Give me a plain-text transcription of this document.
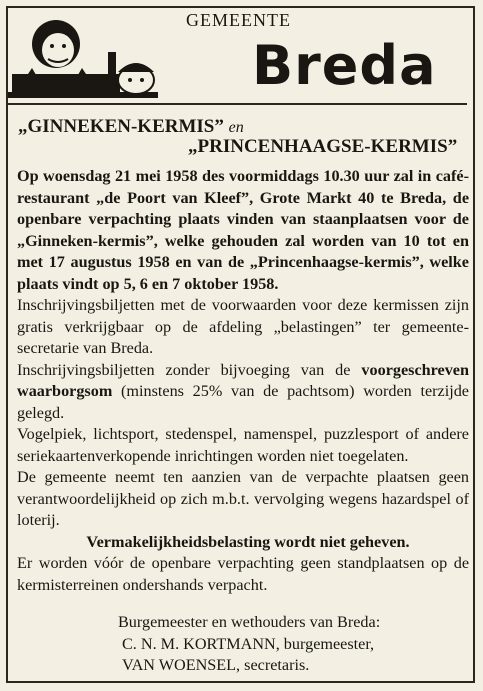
GEMEENTE
Breda
„GINNEKEN-KERMIS” en
„PRINCENHAAGSE-KERMIS”

Op woensdag 21 mei 1958 des voormiddags 10.30 uur zal in café-restaurant „de Poort van Kleef”, Grote Markt 40 te Breda, de openbare verpachting plaats vinden van staanplaatsen voor de „Ginneken-kermis”, welke gehouden zal worden van 10 tot en met 17 augustus 1958 en van de „Princenhaagse-kermis”, welke plaats vindt op 5, 6 en 7 oktober 1958.

Inschrijvingsbiljetten met de voorwaarden voor deze kermissen zijn gratis verkrijgbaar op de afdeling „belastingen” ter gemeente-secretarie van Breda.

Inschrijvingsbiljetten zonder bijvoeging van de voorgeschreven waarborgsom (minstens 25% van de pachtsom) worden terzijde gelegd.

Vogelpiek, lichtsport, stedenspel, namenspel, puzzlesport of andere seriekaartenverkopende inrichtingen worden niet toegelaten.

De gemeente neemt ten aanzien van de verpachte plaatsen geen verantwoordelijkheid op zich m.b.t. vervolging wegens hazardspel of loterij.

Vermakelijkheidsbelasting wordt niet geheven.

Er worden vóór de openbare verpachting geen standplaatsen op de kermisterreinen ondershands verpacht.

Burgemeester en wethouders van Breda:
C. N. M. KORTMANN, burgemeester,
VAN WOENSEL, secretaris.
